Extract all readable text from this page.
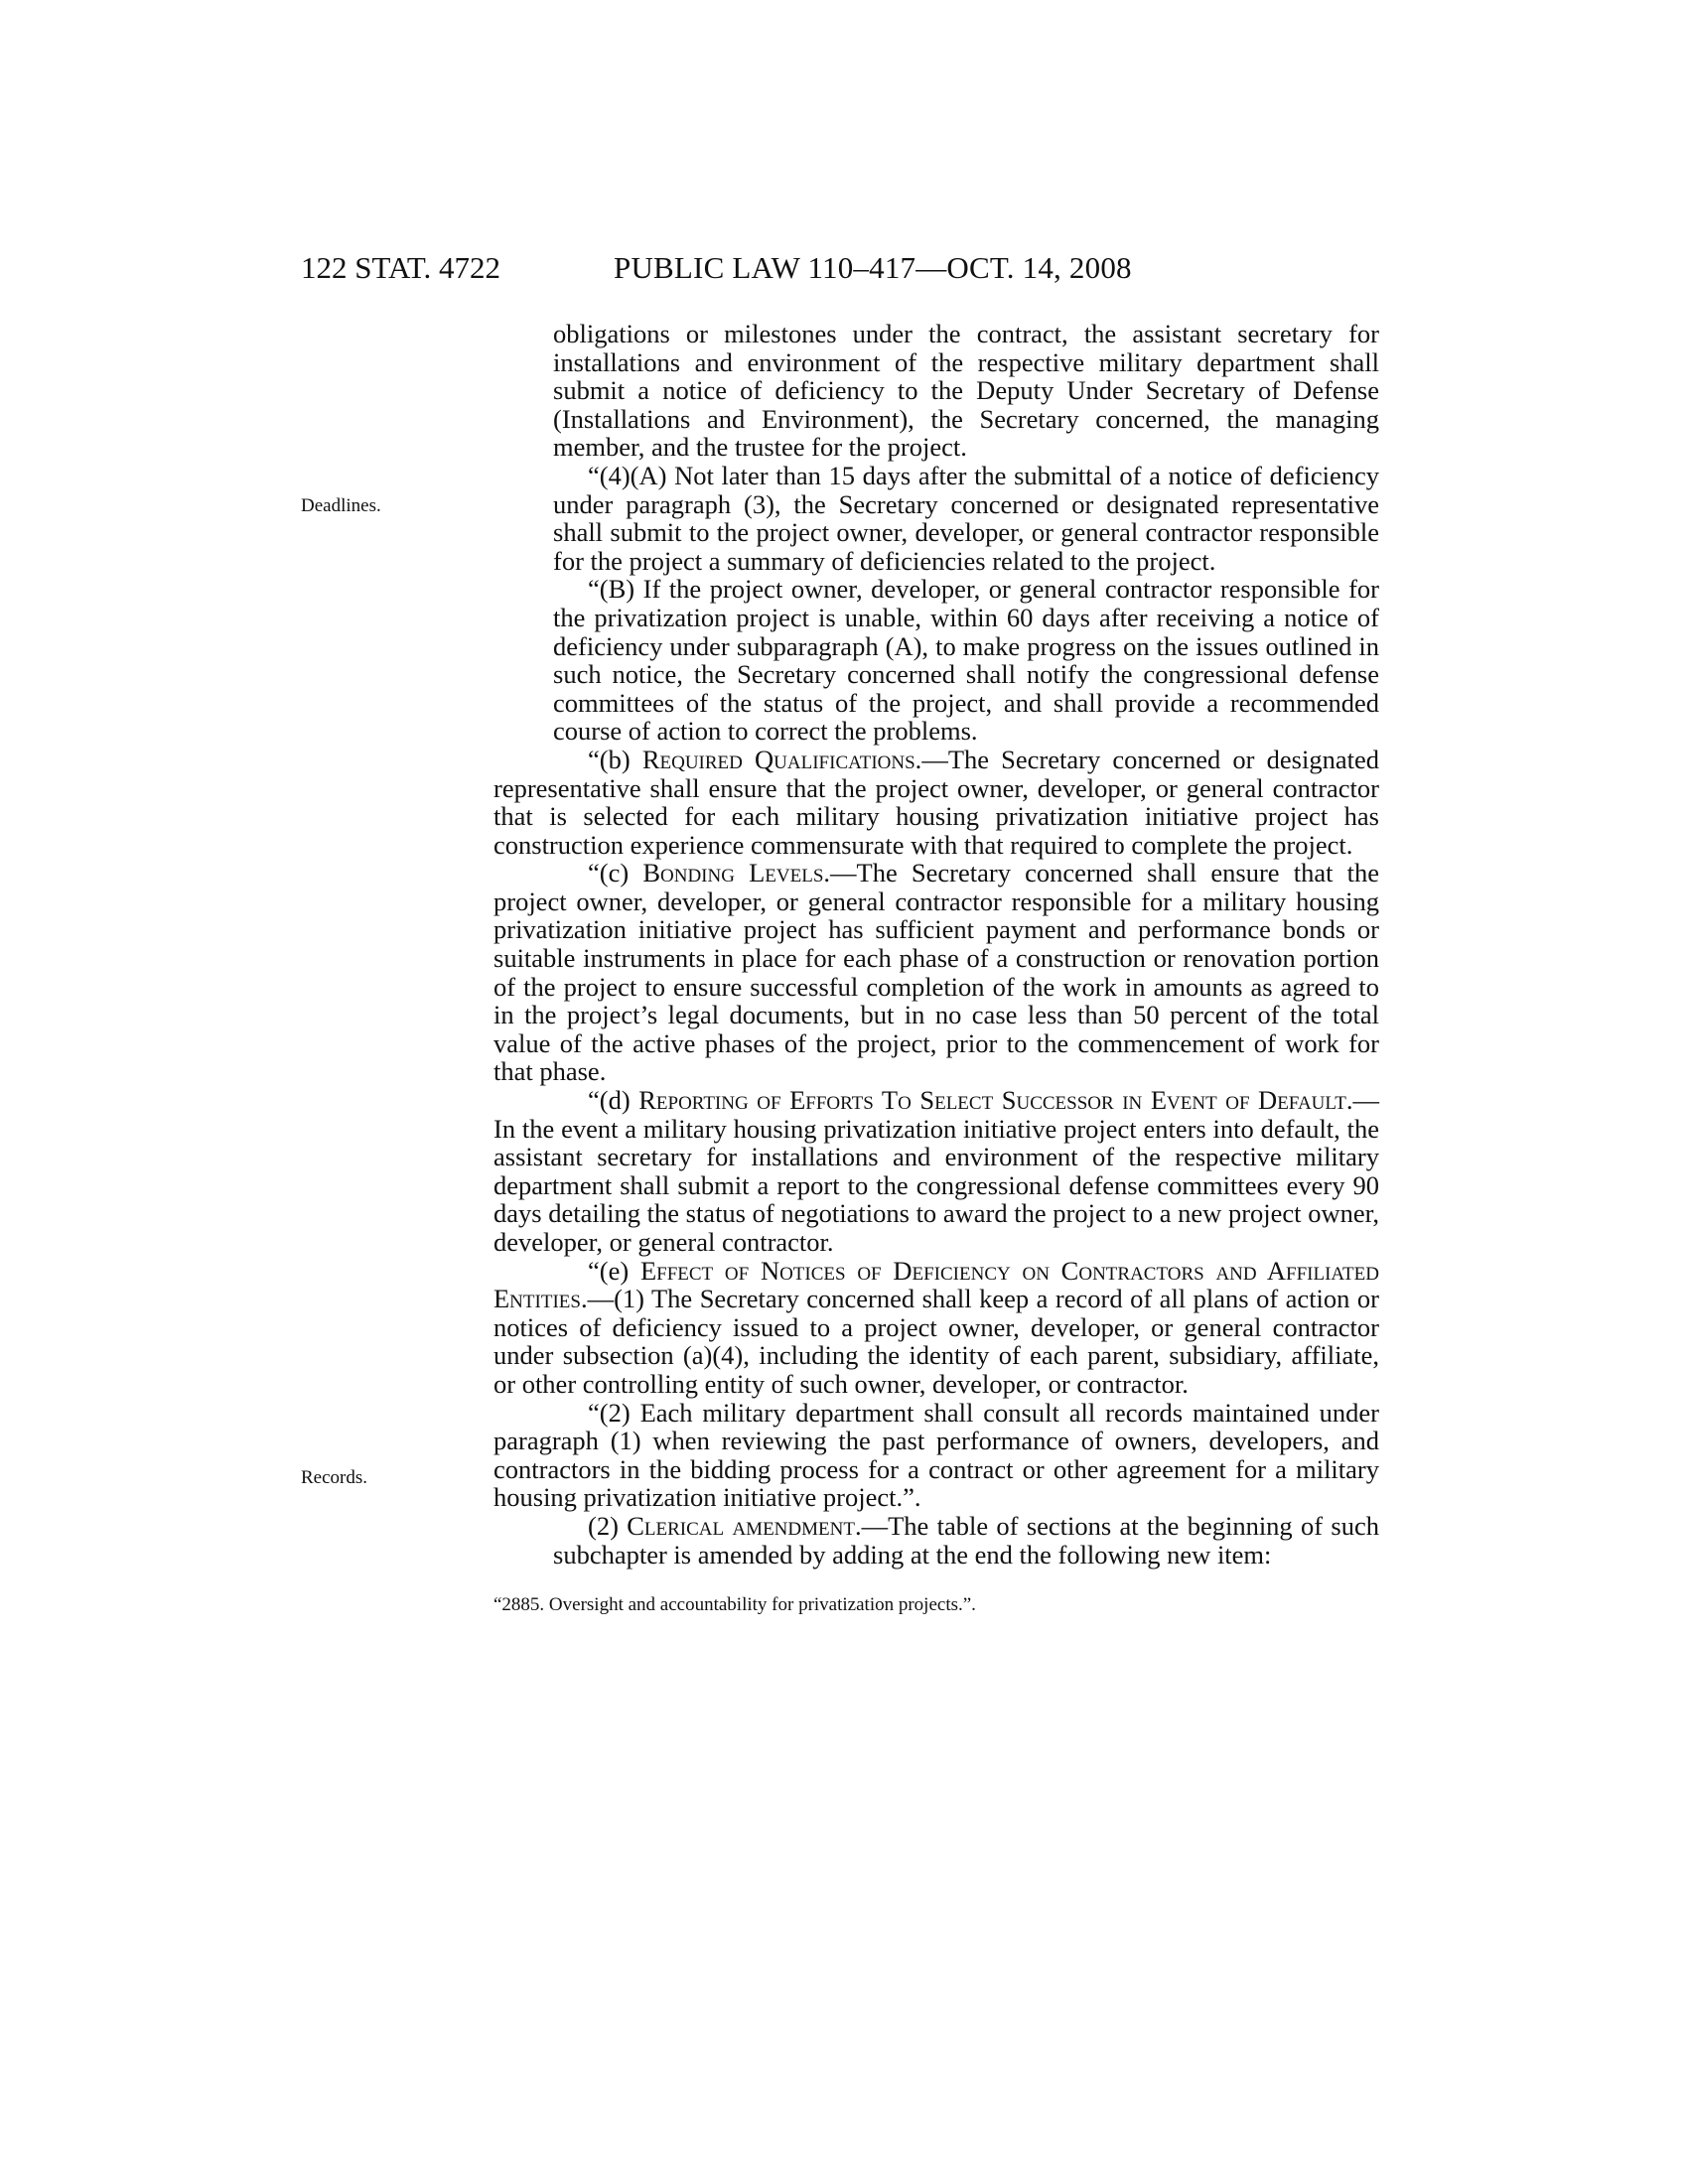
122 STAT. 4722	PUBLIC LAW 110–417—OCT. 14, 2008
Deadlines.
Records.

obligations or milestones under the contract, the assistant secretary for installations and environment of the respective military department shall submit a notice of deficiency to the Deputy Under Secretary of Defense (Installations and Environment), the Secretary concerned, the managing member, and the trustee for the project.

“(4)(A) Not later than 15 days after the submittal of a notice of deficiency under paragraph (3), the Secretary concerned or designated representative shall submit to the project owner, developer, or general contractor responsible for the project a summary of deficiencies related to the project.

“(B) If the project owner, developer, or general contractor responsible for the privatization project is unable, within 60 days after receiving a notice of deficiency under subparagraph (A), to make progress on the issues outlined in such notice, the Secretary concerned shall notify the congressional defense committees of the status of the project, and shall provide a recommended course of action to correct the problems.

“(b) Required Qualifications.—The Secretary concerned or designated representative shall ensure that the project owner, developer, or general contractor that is selected for each military housing privatization initiative project has construction experience commensurate with that required to complete the project.

“(c) Bonding Levels.—The Secretary concerned shall ensure that the project owner, developer, or general contractor responsible for a military housing privatization initiative project has sufficient payment and performance bonds or suitable instruments in place for each phase of a construction or renovation portion of the project to ensure successful completion of the work in amounts as agreed to in the project’s legal documents, but in no case less than 50 percent of the total value of the active phases of the project, prior to the commencement of work for that phase.

“(d) Reporting of Efforts To Select Successor in Event of Default.—In the event a military housing privatization initiative project enters into default, the assistant secretary for installations and environment of the respective military department shall submit a report to the congressional defense committees every 90 days detailing the status of negotiations to award the project to a new project owner, developer, or general contractor.

“(e) Effect of Notices of Deficiency on Contractors and Affiliated Entities.—(1) The Secretary concerned shall keep a record of all plans of action or notices of deficiency issued to a project owner, developer, or general contractor under subsection (a)(4), including the identity of each parent, subsidiary, affiliate, or other controlling entity of such owner, developer, or contractor.

“(2) Each military department shall consult all records maintained under paragraph (1) when reviewing the past performance of owners, developers, and contractors in the bidding process for a contract or other agreement for a military housing privatization initiative project.”.

(2) Clerical amendment.—The table of sections at the beginning of such subchapter is amended by adding at the end the following new item:

“2885. Oversight and accountability for privatization projects.”.
